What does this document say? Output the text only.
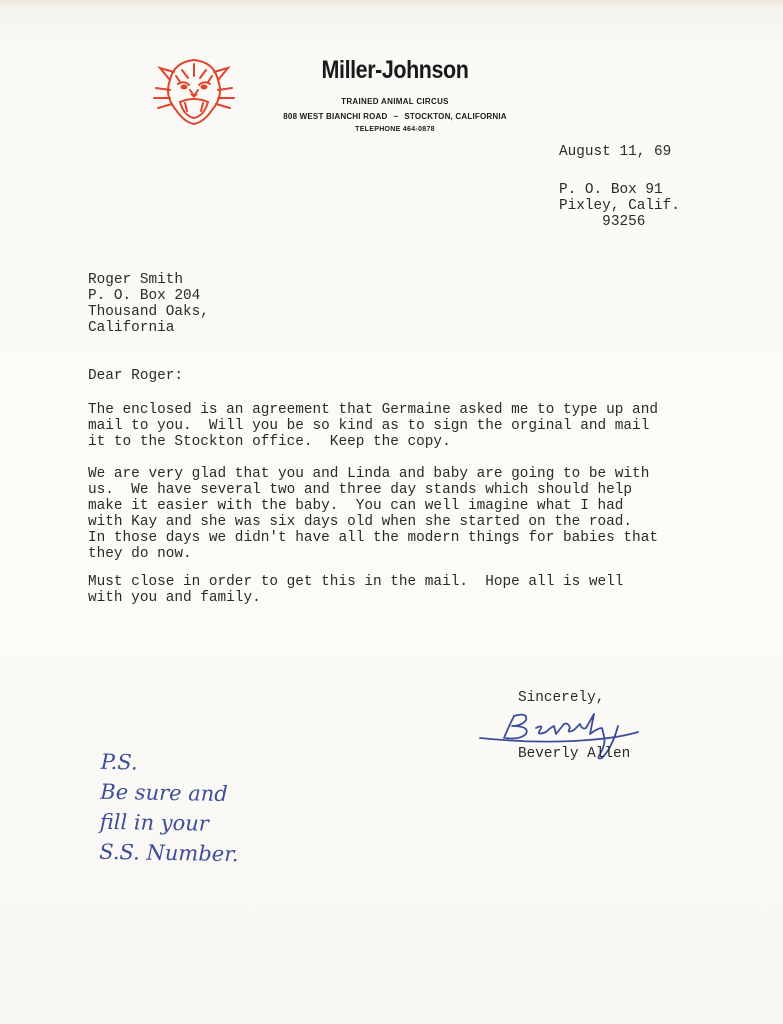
Miller-Johnson
TRAINED ANIMAL CIRCUS
808 WEST BIANCHI ROAD ~ STOCKTON, CALIFORNIA
TELEPHONE 464-0878
August 11, 69
P. O. Box 91
Pixley, Calif.
93256
Roger Smith
P. O. Box 204
Thousand Oaks,
California
Dear Roger:
The enclosed is an agreement that Germaine asked me to type up and
mail to you.  Will you be so kind as to sign the orginal and mail
it to the Stockton office.  Keep the copy.
We are very glad that you and Linda and baby are going to be with
us.  We have several two and three day stands which should help
make it easier with the baby.  You can well imagine what I had
with Kay and she was six days old when she started on the road.
In those days we didn't have all the modern things for babies that
they do now.
Must close in order to get this in the mail.  Hope all is well
with you and family.
Sincerely,
Beverly Allen
P.S.
Be sure and
fill in your
S.S. Number.
